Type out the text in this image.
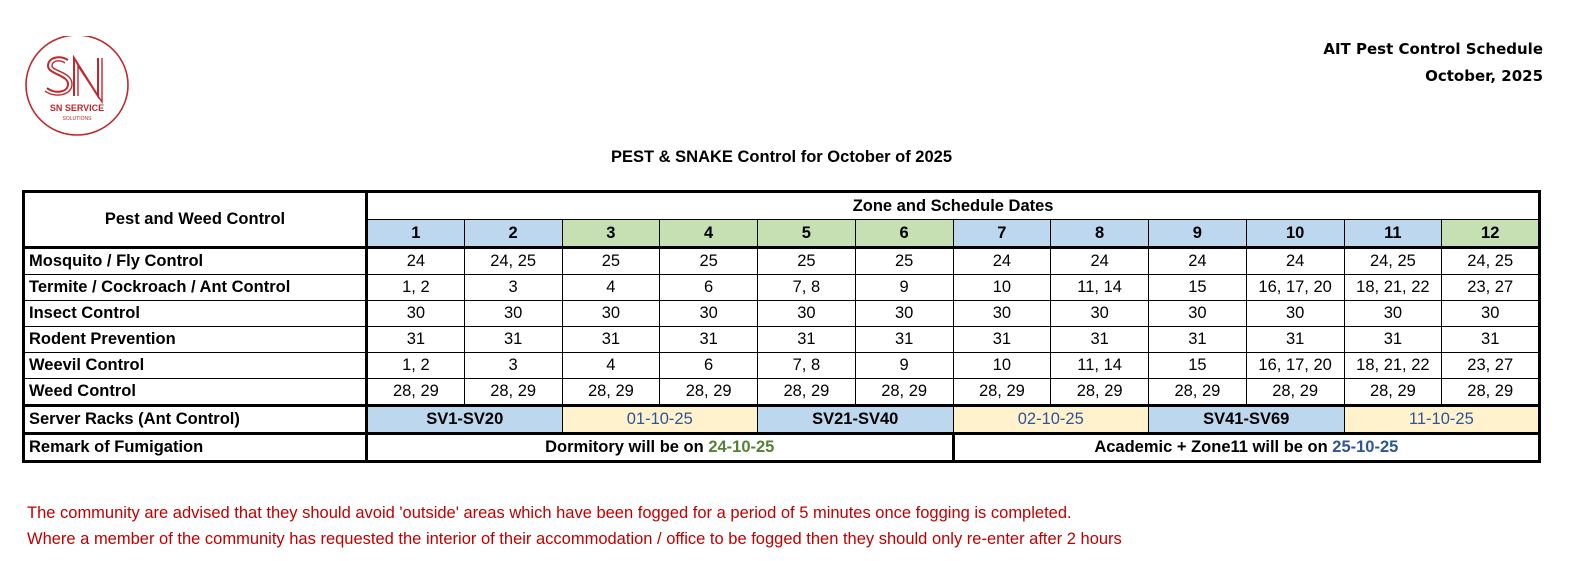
SN SERVICE
SOLUTIONS
AIT Pest Control Schedule
October, 2025
PEST & SNAKE Control for October of 2025
Pest and Weed Control	Zone and Schedule Dates											
	1	2	3	4	5	6	7	8	9	10	11	12
Mosquito / Fly Control	24	24, 25	25	25	25	25	24	24	24	24	24, 25	24, 25
Termite / Cockroach / Ant Control	1, 2	3	4	6	7, 8	9	10	11, 14	15	16, 17, 20	18, 21, 22	23, 27
Insect Control	30	30	30	30	30	30	30	30	30	30	30	30
Rodent Prevention	31	31	31	31	31	31	31	31	31	31	31	31
Weevil Control	1, 2	3	4	6	7, 8	9	10	11, 14	15	16, 17, 20	18, 21, 22	23, 27
Weed Control	28, 29	28, 29	28, 29	28, 29	28, 29	28, 29	28, 29	28, 29	28, 29	28, 29	28, 29	28, 29
Server Racks (Ant Control)	SV1-SV20		01-10-25		SV21-SV40		02-10-25		SV41-SV69		11-10-25	
Remark of Fumigation	Dormitory will be on 24-10-25						Academic + Zone11 will be on 25-10-25					
The community are advised that they should avoid 'outside' areas which have been fogged for a period of 5 minutes once fogging is completed.
Where a member of the community has requested the interior of their accommodation / office to be fogged then they should only re-enter after 2 hours
